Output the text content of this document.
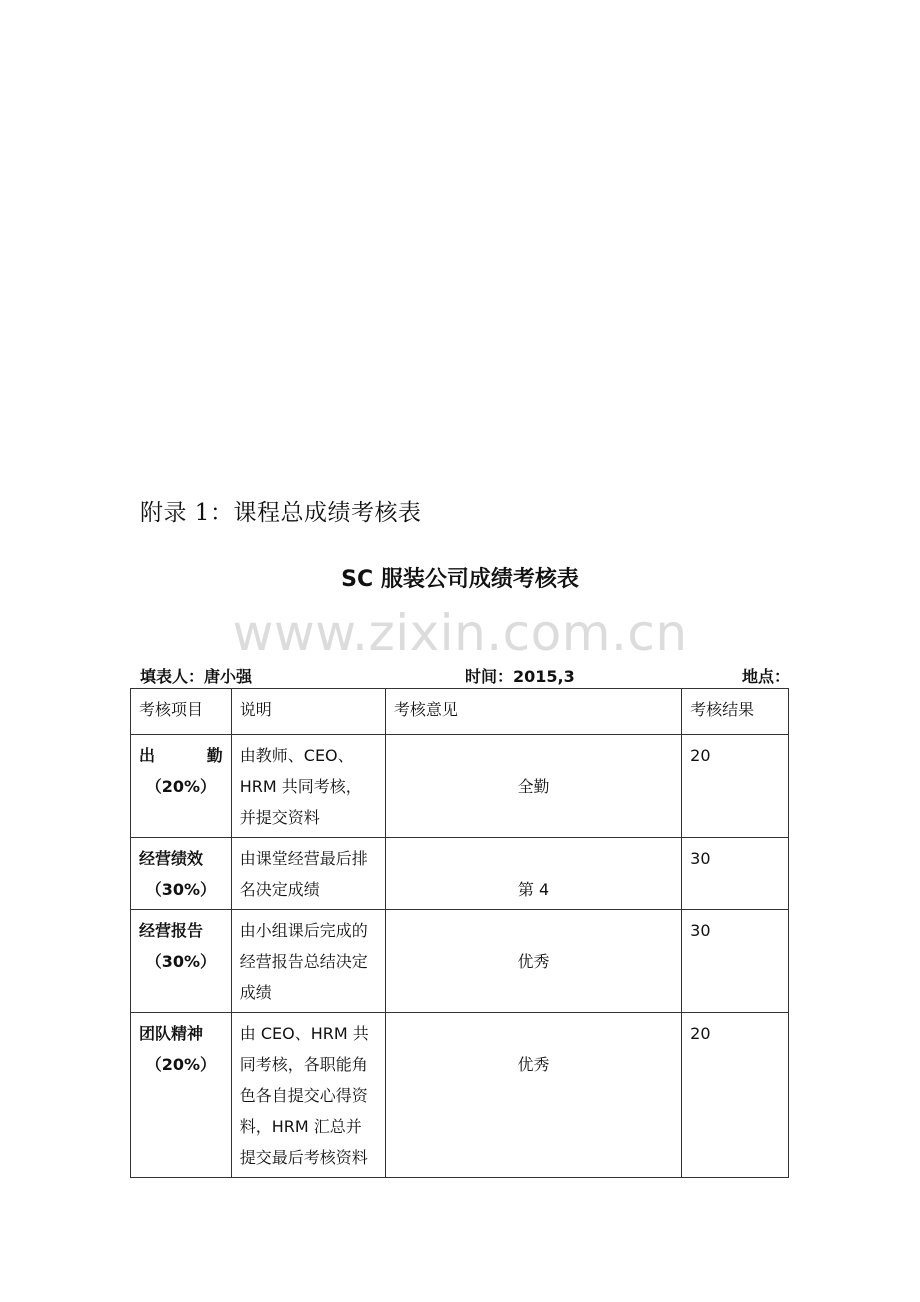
附录 1：课程总成绩考核表
SC 服装公司成绩考核表
www.zixin.com.cn
填表人：唐小强	时间：2015,3	地点：
考核项目	说明	考核意见	考核结果

出 勤
（20%）	由教师、CEO、HRM 共同考核，并提交资料	全勤	20

经营绩效
（30%）	由课堂经营最后排名决定成绩	第 4	30

经营报告
（30%）	由小组课后完成的经营报告总结决定成绩	优秀	30

团队精神
（20%）	由 CEO、HRM 共同考核，各职能角色各自提交心得资料，HRM 汇总并提交最后考核资料	优秀	20
